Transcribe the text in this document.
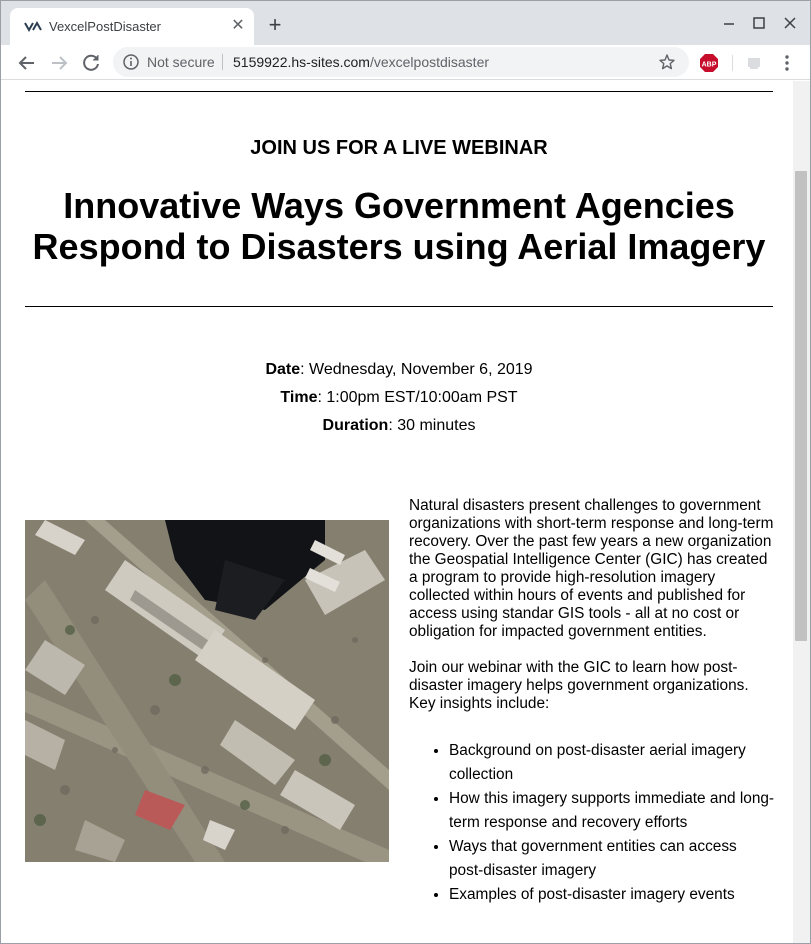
VexcelPostDisaster	✕ +
Not secure 5159922.hs-sites.com/vexcelpostdisaster	ABP
JOIN US FOR A LIVE WEBINAR
Innovative Ways Government Agencies
Respond to Disasters using Aerial Imagery
Date: Wednesday, November 6, 2019
Time: 1:00pm EST/10:00am PST
Duration: 30 minutes

Natural disasters present challenges to government organizations with short-term response and long-term recovery. Over the past few years a new organization the Geospatial Intelligence Center (GIC) has created a program to provide high-resolution imagery collected within hours of events and published for access using standar GIS tools - all at no cost or obligation for impacted government entities.

Join our webinar with the GIC to learn how post-disaster imagery helps government organizations. Key insights include:

• Background on post-disaster aerial imagery collection
• How this imagery supports immediate and long-term response and recovery efforts
• Ways that government entities can access post-disaster imagery
• Examples of post-disaster imagery events
